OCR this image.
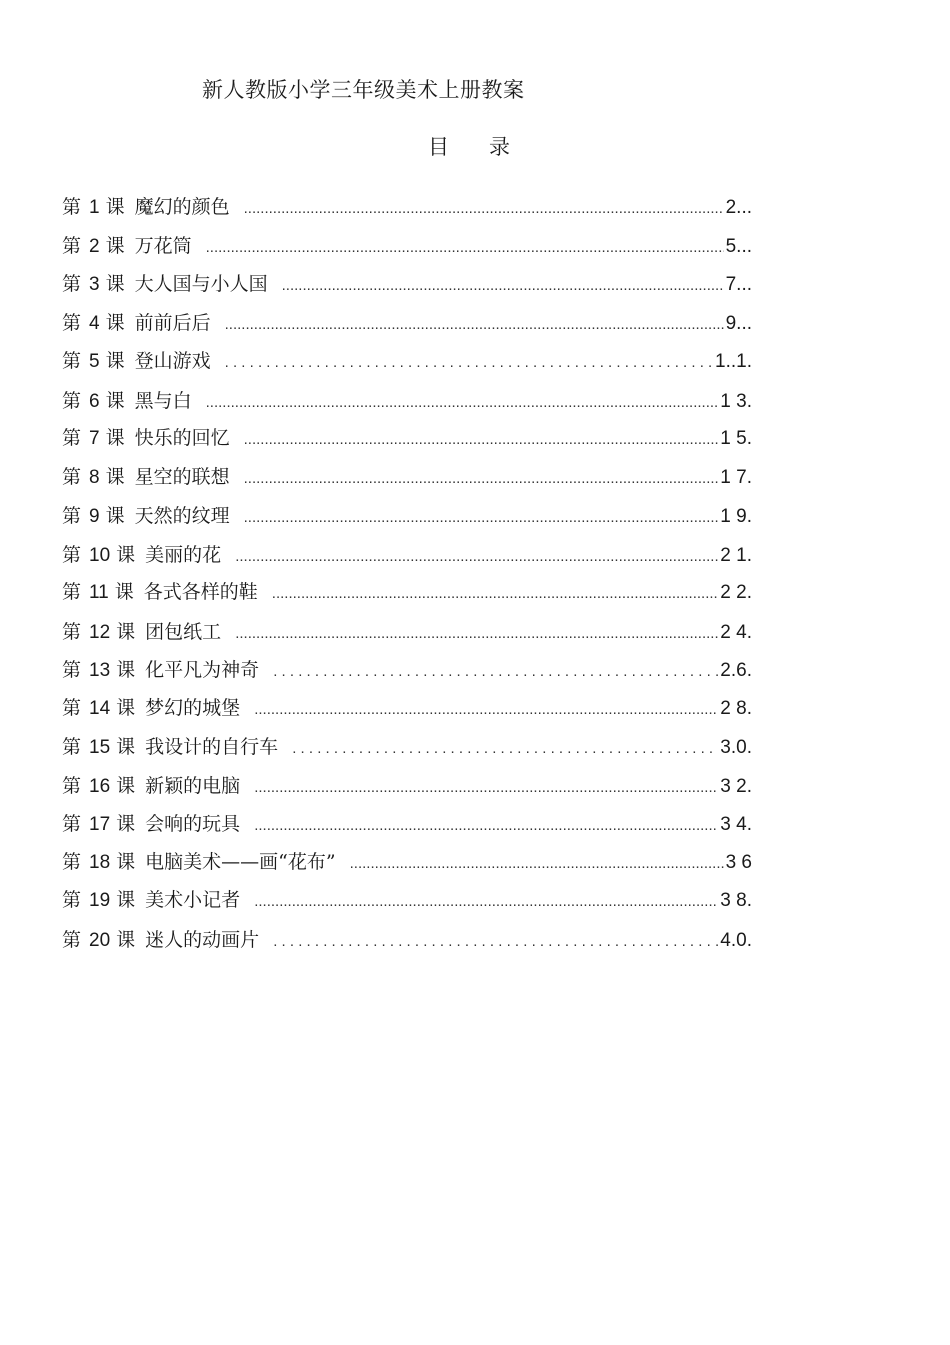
新人教版小学三年级美术上册教案
目 录
第 1 课 魔幻的颜色 .....	2...
第 2 课 万花筒 .....	5...
第 3 课 大人国与小人国 .....	7...
第 4 课 前前后后 .....	9...
第 5 课 登山游戏 . . .	1..1.
第 6 课 黑与白 .....	1 3.
第 7 课 快乐的回忆 .....	1 5.
第 8 课 星空的联想 .....	1 7.
第 9 课 天然的纹理 .....	1 9.
第 10 课 美丽的花 .....	2 1.
第 11 课 各式各样的鞋 .....	2 2.
第 12 课 团包纸工 .....	2 4.
第 13 课 化平凡为神奇 . . .	2.6.
第 14 课 梦幻的城堡 .....	2 8.
第 15 课 我设计的自行车 . . .	3.0.
第 16 课 新颖的电脑 .....	3 2.
第 17 课 会响的玩具 .....	3 4.
第 18 课 电脑美术——画“花布” .....	3 6
第 19 课 美术小记者 .....	3 8.
第 20 课 迷人的动画片 . . .	4.0.
